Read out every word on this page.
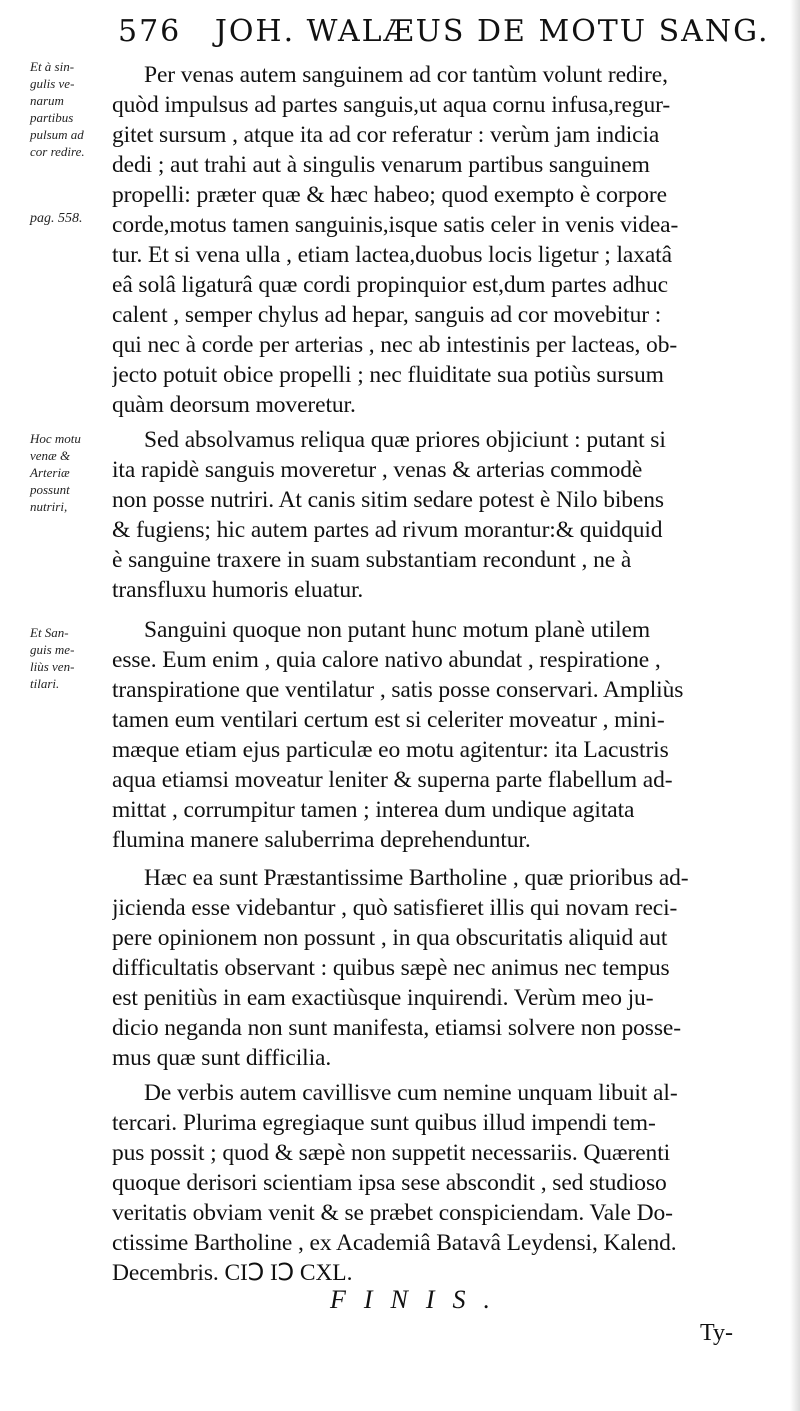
576 JOH. WALÆUS DE MOTU SANG.
Et à sin-
gulis ve-
narum
partibus
pulsum ad
cor redire.
pag. 558.
Hoc motu
venæ &
Arteriæ
possunt
nutriri,
Et San-
guis me-
liùs ven-
tilari.
Per venas autem sanguinem ad cor tantùm volunt redire,
quòd impulsus ad partes sanguis,ut aqua cornu infusa,regur-
gitet sursum , atque ita ad cor referatur : verùm jam indicia
dedi ; aut trahi aut à singulis venarum partibus sanguinem
propelli: præter quæ & hæc habeo; quod exempto è corpore
corde,motus tamen sanguinis,isque satis celer in venis videa-
tur. Et si vena ulla , etiam lactea,duobus locis ligetur ; laxatâ
eâ solâ ligaturâ quæ cordi propinquior est,dum partes adhuc
calent , semper chylus ad hepar, sanguis ad cor movebitur :
qui nec à corde per arterias , nec ab intestinis per lacteas, ob-
jecto potuit obice propelli ; nec fluiditate sua potiùs sursum
quàm deorsum moveretur.
Sed absolvamus reliqua quæ priores objiciunt : putant si
ita rapidè sanguis moveretur , venas & arterias commodè
non posse nutriri. At canis sitim sedare potest è Nilo bibens
& fugiens; hic autem partes ad rivum morantur:& quidquid
è sanguine traxere in suam substantiam recondunt , ne à
transfluxu humoris eluatur.
Sanguini quoque non putant hunc motum planè utilem
esse. Eum enim , quia calore nativo abundat , respiratione ,
transpiratione que ventilatur , satis posse conservari. Ampliùs
tamen eum ventilari certum est si celeriter moveatur , mini-
mæque etiam ejus particulæ eo motu agitentur: ita Lacustris
aqua etiamsi moveatur leniter & superna parte flabellum ad-
mittat , corrumpitur tamen ; interea dum undique agitata
flumina manere saluberrima deprehenduntur.
Hæc ea sunt Præstantissime Bartholine , quæ prioribus ad-
jicienda esse videbantur , quò satisfieret illis qui novam reci-
pere opinionem non possunt , in qua obscuritatis aliquid aut
difficultatis observant : quibus sæpè nec animus nec tempus
est penitiùs in eam exactiùsque inquirendi. Verùm meo ju-
dicio neganda non sunt manifesta, etiamsi solvere non posse-
mus quæ sunt difficilia.
De verbis autem cavillisve cum nemine unquam libuit al-
tercari. Plurima egregiaque sunt quibus illud impendi tem-
pus possit ; quod & sæpè non suppetit necessariis. Quærenti
quoque derisori scientiam ipsa sese abscondit , sed studioso
veritatis obviam venit & se præbet conspiciendam. Vale Do-
ctissime Bartholine , ex Academiâ Batavâ Leydensi, Kalend.
Decembris. CIↃ IↃ CXL.
FINIS.
Ty-
